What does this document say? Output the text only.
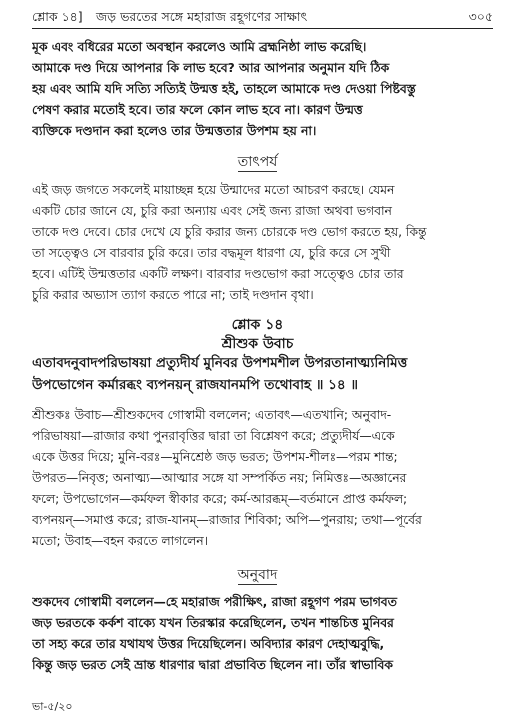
শ্লোক ১৪] জড় ভরতের সঙ্গে মহারাজ রহূগণের সাক্ষাৎ	৩০৫
মূক এবং বধিরের মতো অবস্থান করলেও আমি ব্রহ্মনিষ্ঠা লাভ করেছি।
আমাকে দণ্ড দিয়ে আপনার কি লাভ হবে? আর আপনার অনুমান যদি ঠিক
হয় এবং আমি যদি সত্যি সত্যিই উন্মত্ত হই, তাহলে আমাকে দণ্ড দেওয়া পিষ্টবস্তু
পেষণ করার মতোই হবে। তার ফলে কোন লাভ হবে না। কারণ উন্মত্ত
ব্যক্তিকে দণ্ডদান করা হলেও তার উন্মত্ততার উপশম হয় না।
তাৎপর্য
এই জড় জগতে সকলেই মায়াচ্ছন্ন হয়ে উন্মাদের মতো আচরণ করছে। যেমন
একটি চোর জানে যে, চুরি করা অন্যায় এবং সেই জন্য রাজা অথবা ভগবান
তাকে দণ্ড দেবে। চোর দেখে যে চুরি করার জন্য চোরকে দণ্ড ভোগ করতে হয়, কিন্তু
তা সত্ত্বেও সে বারবার চুরি করে। তার বদ্ধমূল ধারণা যে, চুরি করে সে সুখী
হবে। এটিই উন্মত্ততার একটি লক্ষণ। বারবার দণ্ডভোগ করা সত্ত্বেও চোর তার
চুরি করার অভ্যাস ত্যাগ করতে পারে না; তাই দণ্ডদান বৃথা।
শ্লোক ১৪
শ্রীশুক উবাচ
এতাবদনুবাদপরিভাষয়া প্রত্যুদীর্য মুনিবর উপশমশীল উপরতানাত্ম্যনিমিত্ত
উপভোগেন কর্মারব্ধং ব্যপনয়ন্ রাজযানমপি তথোবাহ ॥ ১৪ ॥
শ্রীশুকঃ উবাচ—শ্রীশুকদেব গোস্বামী বললেন; এতাবৎ—এতখানি; অনুবাদ-
পরিভাষয়া—রাজার কথা পুনরাবৃত্তির দ্বারা তা বিশ্লেষণ করে; প্রত্যুদীর্য—একে
একে উত্তর দিয়ে; মুনি-বরঃ—মুনিশ্রেষ্ঠ জড় ভরত; উপশম-শীলঃ—পরম শান্ত;
উপরত—নিবৃত্ত; অনাত্ম্য—আত্মার সঙ্গে যা সম্পর্কিত নয়; নিমিত্তঃ—অজ্ঞানের
ফলে; উপভোগেন—কর্মফল স্বীকার করে; কর্ম-আরব্ধম্—বর্তমানে প্রাপ্ত কর্মফল;
ব্যপনয়ন্—সমাপ্ত করে; রাজ-যানম্—রাজার শিবিকা; অপি—পুনরায়; তথা—পূর্বের
মতো; উবাহ—বহন করতে লাগলেন।
অনুবাদ
শুকদেব গোস্বামী বললেন—হে মহারাজ পরীক্ষিৎ, রাজা রহূগণ পরম ভাগবত
জড় ভরতকে কর্কশ বাক্যে যখন তিরস্কার করেছিলেন, তখন শান্তচিত্ত মুনিবর
তা সহ্য করে তার যথাযথ উত্তর দিয়েছিলেন। অবিদ্যার কারণ দেহাত্মবুদ্ধি,
কিন্তু জড় ভরত সেই ভ্রান্ত ধারণার দ্বারা প্রভাবিত ছিলেন না। তাঁর স্বাভাবিক
ভা-৫/২০
